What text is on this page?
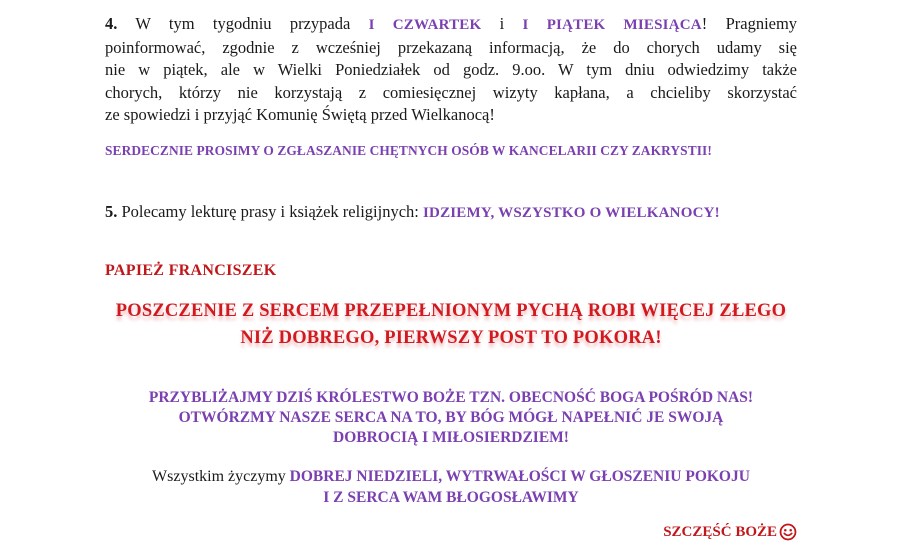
4. W tym tygodniu przypada I CZWARTEK i I PIĄTEK MIESIĄCA! Pragniemy
poinformować, zgodnie z wcześniej przekazaną informacją, że do chorych udamy się
nie w piątek, ale w Wielki Poniedziałek od godz. 9.oo. W tym dniu odwiedzimy także
chorych, którzy nie korzystają z comiesięcznej wizyty kapłana, a chcieliby skorzystać
ze spowiedzi i przyjąć Komunię Świętą przed Wielkanocą!
SERDECZNIE PROSIMY O ZGŁASZANIE CHĘTNYCH OSÓB W KANCELARII CZY ZAKRYSTII!
5. Polecamy lekturę prasy i książek religijnych: IDZIEMY, WSZYSTKO O WIELKANOCY!
PAPIEŻ FRANCISZEK
POSZCZENIE Z SERCEM PRZEPEŁNIONYM PYCHĄ ROBI WIĘCEJ ZŁEGO
NIŻ DOBREGO, PIERWSZY POST TO POKORA!
PRZYBLIŻAJMY DZIŚ KRÓLESTWO BOŻE TZN. OBECNOŚĆ BOGA POŚRÓD NAS!
OTWÓRZMY NASZE SERCA NA TO, BY BÓG MÓGŁ NAPEŁNIĆ JE SWOJĄ
DOBROCIĄ I MIŁOSIERDZIEM!
Wszystkim życzymy DOBREJ NIEDZIELI, WYTRWAŁOŚCI W GŁOSZENIU POKOJU
I Z SERCA WAM BŁOGOSŁAWIMY
SZCZĘŚĆ BOŻE
